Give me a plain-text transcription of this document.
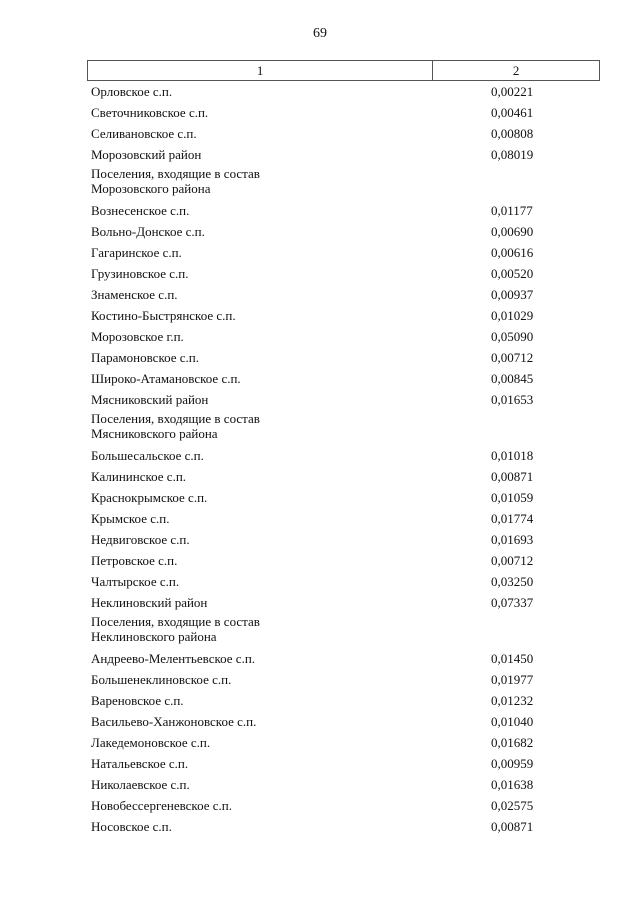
69
1	2
Орловское с.п.	0,00221
Светочниковское с.п.	0,00461
Селивановское с.п.	0,00808
Морозовский район	0,08019
Поселения, входящие в состав
Морозовского района
Вознесенское с.п.	0,01177
Вольно-Донское с.п.	0,00690
Гагаринское с.п.	0,00616
Грузиновское с.п.	0,00520
Знаменское с.п.	0,00937
Костино-Быстрянское с.п.	0,01029
Морозовское г.п.	0,05090
Парамоновское с.п.	0,00712
Широко-Атамановское с.п.	0,00845
Мясниковский район	0,01653
Поселения, входящие в состав
Мясниковского района
Большесальское с.п.	0,01018
Калининское с.п.	0,00871
Краснокрымское с.п.	0,01059
Крымское с.п.	0,01774
Недвиговское с.п.	0,01693
Петровское с.п.	0,00712
Чалтырское с.п.	0,03250
Неклиновский район	0,07337
Поселения, входящие в состав
Неклиновского района
Андреево-Мелентьевское с.п.	0,01450
Большенеклиновское с.п.	0,01977
Вареновское с.п.	0,01232
Васильево-Ханжоновское с.п.	0,01040
Лакедемоновское с.п.	0,01682
Натальевское с.п.	0,00959
Николаевское с.п.	0,01638
Новобессергеневское с.п.	0,02575
Носовское с.п.	0,00871
